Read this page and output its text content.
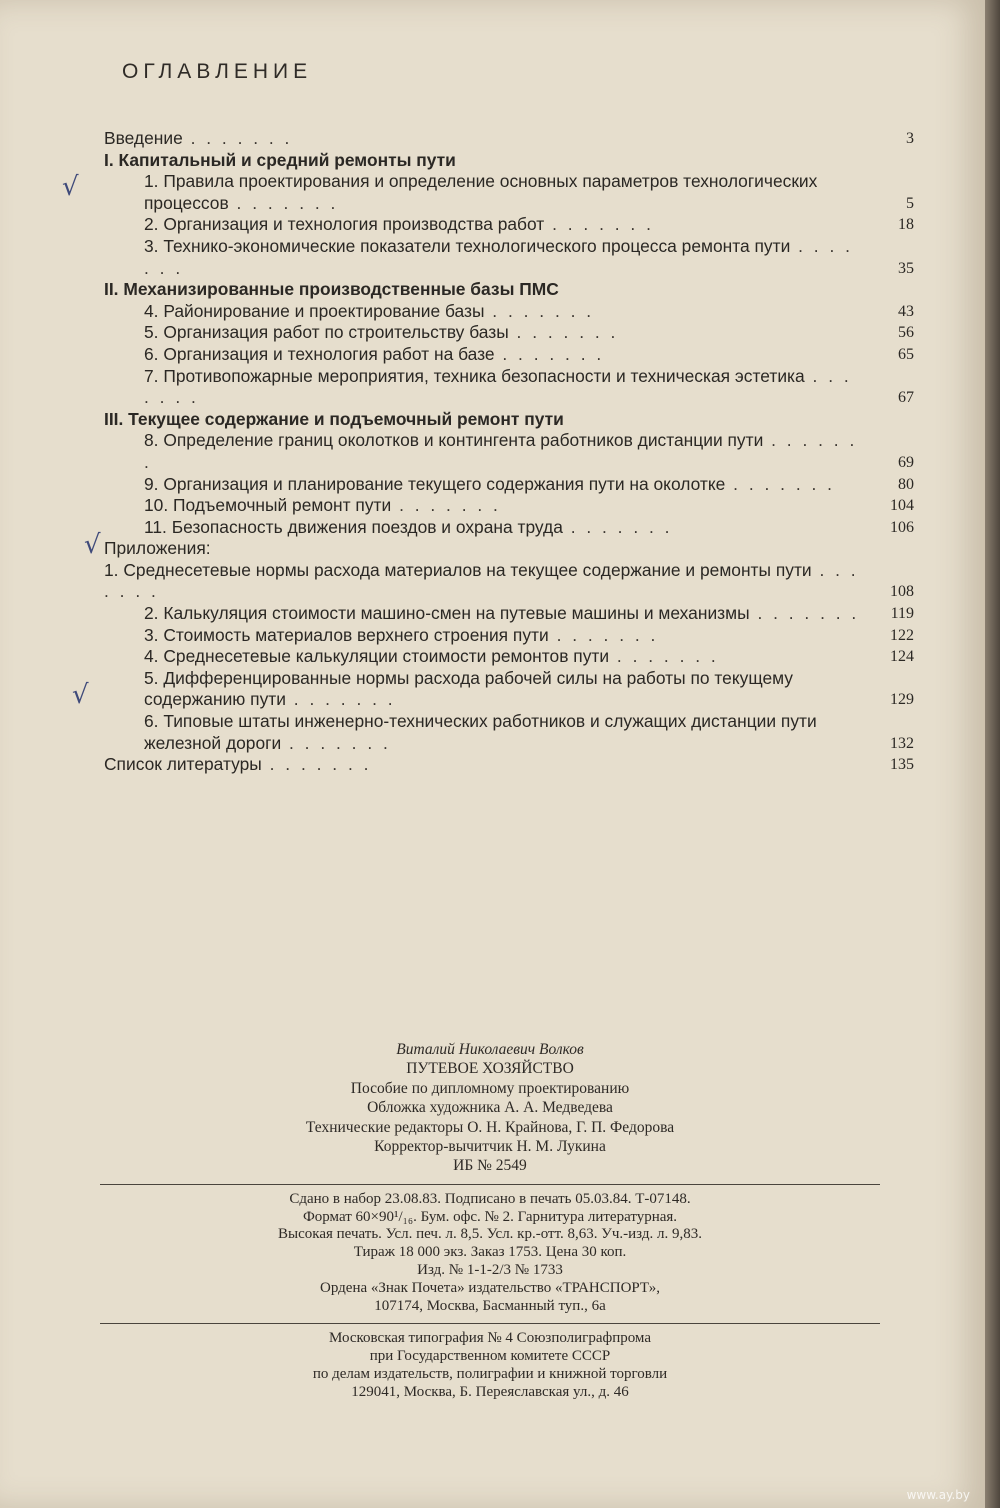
ОГЛАВЛЕНИЕ
Введение . . . . . . .	3
I. Капитальный и средний ремонты пути
1. Правила проектирования и определение основных параметров технологических процессов . . . . . . .	5
2. Организация и технология производства работ . . . . . . .	18
3. Технико-экономические показатели технологического процесса ремонта пути . . . . . . .	35
II. Механизированные производственные базы ПМС
4. Районирование и проектирование базы . . . . . . .	43
5. Организация работ по строительству базы . . . . . . .	56
6. Организация и технология работ на базе . . . . . . .	65
7. Противопожарные мероприятия, техника безопасности и техническая эстетика . . . . . . .	67
III. Текущее содержание и подъемочный ремонт пути
8. Определение границ околотков и контингента работников дистанции пути . . . . . . .	69
9. Организация и планирование текущего содержания пути на околотке . . . . . . .	80
10. Подъемочный ремонт пути . . . . . . .	104
11. Безопасность движения поездов и охрана труда . . . . . . .	106
Приложения:
1. Среднесетевые нормы расхода материалов на текущее содержание и ремонты пути . . . . . . .	108
2. Калькуляция стоимости машино-смен на путевые машины и механизмы . . . . . . .	119
3. Стоимость материалов верхнего строения пути . . . . . . .	122
4. Среднесетевые калькуляции стоимости ремонтов пути . . . . . . .	124
5. Дифференцированные нормы расхода рабочей силы на работы по текущему содержанию пути . . . . . . .	129
6. Типовые штаты инженерно-технических работников и служащих дистанции пути железной дороги . . . . . . .	132
Список литературы . . . . . . .	135
√
√
√
Виталий Николаевич Волков
ПУТЕВОЕ ХОЗЯЙСТВО
Пособие по дипломному проектированию
Обложка художника А. А. Медведева
Технические редакторы О. Н. Крайнова, Г. П. Федорова
Корректор-вычитчик Н. М. Лукина
ИБ № 2549
Сдано в набор 23.08.83. Подписано в печать 05.03.84. Т-07148.
Формат 60×90¹/₁₆. Бум. офс. № 2. Гарнитура литературная.
Высокая печать. Усл. печ. л. 8,5. Усл. кр.-отт. 8,63. Уч.-изд. л. 9,83.
Тираж 18 000 экз. Заказ 1753. Цена 30 коп.
Изд. № 1-1-2/3 № 1733
Ордена «Знак Почета» издательство «ТРАНСПОРТ»,
107174, Москва, Басманный туп., 6а
Московская типография № 4 Союзполиграфпрома
при Государственном комитете СССР
по делам издательств, полиграфии и книжной торговли
129041, Москва, Б. Переяславская ул., д. 46
www.ay.by
